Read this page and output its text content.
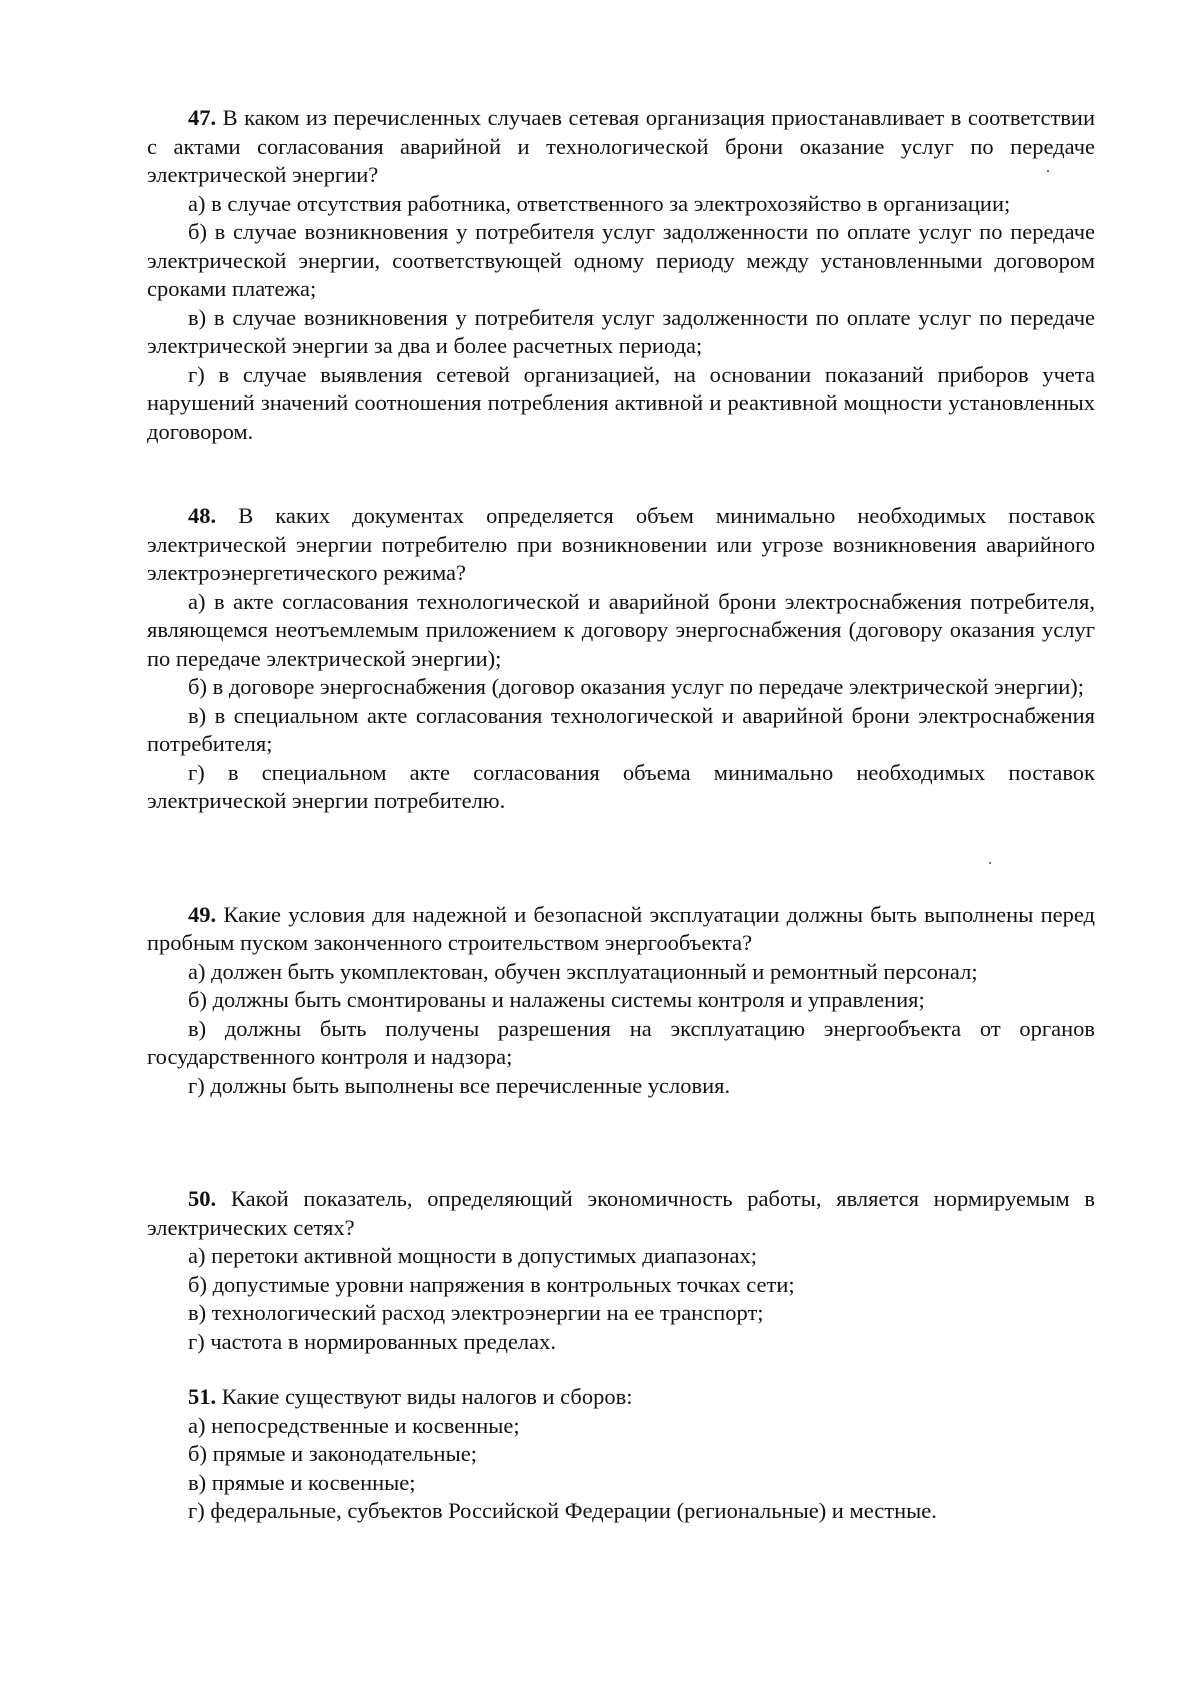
47. В каком из перечисленных случаев сетевая организация приостанавливает в соответствии с актами согласования аварийной и технологической брони оказание услуг по передаче электрической энергии?

а) в случае отсутствия работника, ответственного за электрохозяйство в организации;

б) в случае возникновения у потребителя услуг задолженности по оплате услуг по передаче электрической энергии, соответствующей одному периоду между установленными договором сроками платежа;

в) в случае возникновения у потребителя услуг задолженности по оплате услуг по передаче электрической энергии за два и более расчетных периода;

г) в случае выявления сетевой организацией, на основании показаний приборов учета нарушений значений соотношения потребления активной и реактивной мощности установленных договором.

48. В каких документах определяется объем минимально необходимых поставок электрической энергии потребителю при возникновении или угрозе возникновения аварийного электроэнергетического режима?

а) в акте согласования технологической и аварийной брони электроснабжения потребителя, являющемся неотъемлемым приложением к договору энергоснабжения (договору оказания услуг по передаче электрической энергии);

б) в договоре энергоснабжения (договор оказания услуг по передаче электрической энергии);

в) в специальном акте согласования технологической и аварийной брони электроснабжения потребителя;

г) в специальном акте согласования объема минимально необходимых поставок электрической энергии потребителю.

49. Какие условия для надежной и безопасной эксплуатации должны быть выполнены перед пробным пуском законченного строительством энергообъекта?

а) должен быть укомплектован, обучен эксплуатационный и ремонтный персонал;

б) должны быть смонтированы и налажены системы контроля и управления;

в) должны быть получены разрешения на эксплуатацию энергообъекта от органов государственного контроля и надзора;

г) должны быть выполнены все перечисленные условия.

50. Какой показатель, определяющий экономичность работы, является нормируемым в электрических сетях?

а) перетоки активной мощности в допустимых диапазонах;

б) допустимые уровни напряжения в контрольных точках сети;

в) технологический расход электроэнергии на ее транспорт;

г) частота в нормированных пределах.

51. Какие существуют виды налогов и сборов:

а) непосредственные и косвенные;

б) прямые и законодательные;

в) прямые и косвенные;

г) федеральные, субъектов Российской Федерации (региональные) и местные.
